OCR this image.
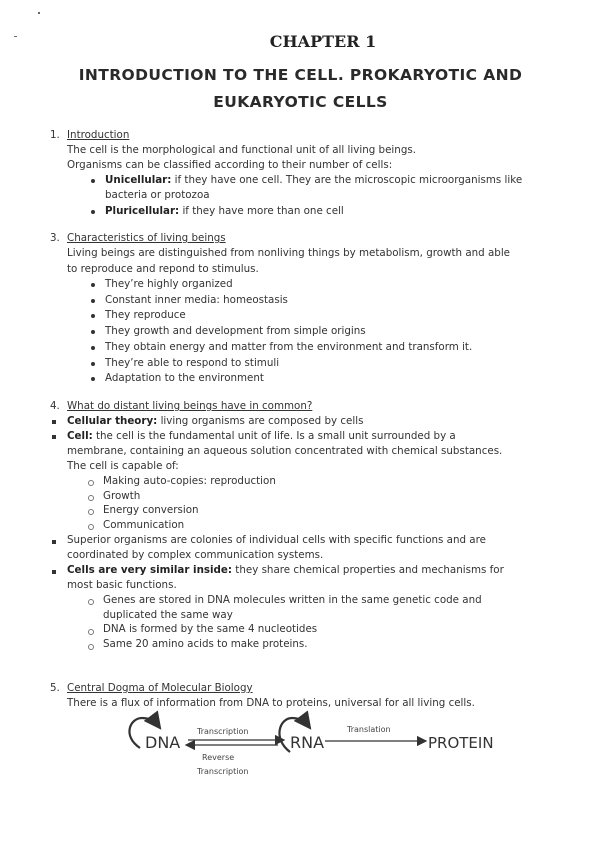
CHAPTER 1
INTRODUCTION TO THE CELL. PROKARYOTIC AND
EUKARYOTIC CELLS
1. Introduction
The cell is the morphological and functional unit of all living beings.
Organisms can be classified according to their number of cells:
Unicellular: if they have one cell. They are the microscopic microorganisms like
bacteria or protozoa
Pluricellular: if they have more than one cell
3. Characteristics of living beings
Living beings are distinguished from nonliving things by metabolism, growth and able
to reproduce and repond to stimulus.
They’re highly organized
Constant inner media: homeostasis
They reproduce
They growth and development from simple origins
They obtain energy and matter from the environment and transform it.
They’re able to respond to stimuli
Adaptation to the environment
4. What do distant living beings have in common?
Cellular theory: living organisms are composed by cells
Cell: the cell is the fundamental unit of life. Is a small unit surrounded by a
membrane, containing an aqueous solution concentrated with chemical substances.
The cell is capable of:
Making auto-copies: reproduction
Growth
Energy conversion
Communication
Superior organisms are colonies of individual cells with specific functions and are
coordinated by complex communication systems.
Cells are very similar inside: they share chemical properties and mechanisms for
most basic functions.
Genes are stored in DNA molecules written in the same genetic code and
duplicated the same way
DNA is formed by the same 4 nucleotides
Same 20 amino acids to make proteins.
5. Central Dogma of Molecular Biology
There is a flux of information from DNA to proteins, universal for all living cells.
DNA
Transcription
Reverse
Transcription
RNA
Translation
PROTEIN
